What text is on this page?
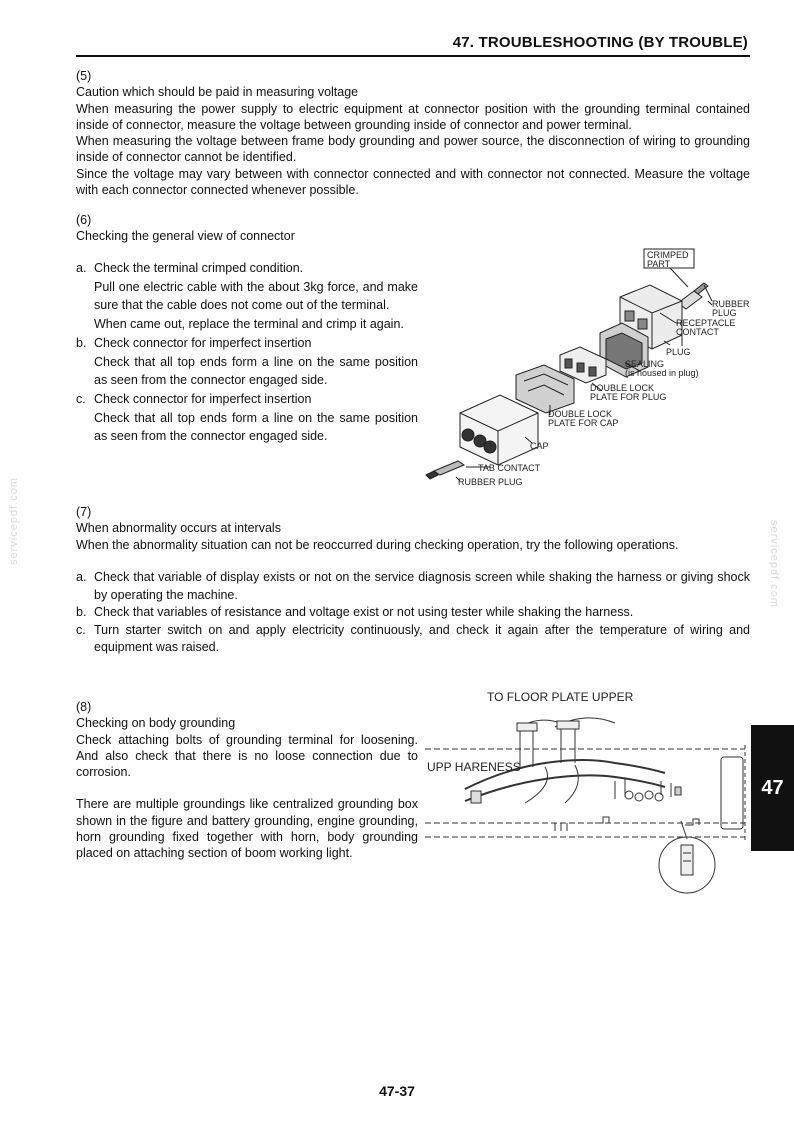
47. TROUBLESHOOTING (BY TROUBLE)
(5)
Caution which should be paid in measuring voltage

When measuring the power supply to electric equipment at connector position with the grounding terminal contained inside of connector, measure the voltage between grounding inside of connector and power terminal.

When measuring the voltage between frame body grounding and power source, the disconnection of wiring to grounding inside of connector cannot be identified.

Since the voltage may vary between with connector connected and with connector not connected. Measure the voltage with each connector connected whenever possible.

(6)
Checking the general view of connector
a. Check the terminal crimped condition.
Pull one electric cable with the about 3kg force, and make sure that the cable does not come out of the terminal.
When came out, replace the terminal and crimp it again.
b. Check connector for imperfect insertion
Check that all top ends form a line on the same position as seen from the connector engaged side.
c. Check connector for imperfect insertion
Check that all top ends form a line on the same position as seen from the connector engaged side.
CRIMPED
PART
RUBBER
PLUG
RECEPTACLE
CONTACT
PLUG
SEALING
(is housed in plug)
DOUBLE LOCK
PLATE FOR PLUG
DOUBLE LOCK
PLATE FOR CAP
CAP
TAB CONTACT
RUBBER PLUG
(7)
When abnormality occurs at intervals

When the abnormality situation can not be reoccurred during checking operation, try the following operations.

a. Check that variable of display exists or not on the service diagnosis screen while shaking the harness or giving shock by operating the machine.
b. Check that variables of resistance and voltage exist or not using tester while shaking the harness.
c. Turn starter switch on and apply electricity continuously, and check it again after the temperature of wiring and equipment was raised.
(8)
Checking on body grounding

Check attaching bolts of grounding terminal for loosening. And also check that there is no loose connection due to corrosion.

There are multiple groundings like centralized grounding box shown in the figure and battery grounding, engine grounding, horn grounding fixed together with horn, body grounding placed on attaching section of boom working light.

TO FLOOR PLATE UPPER
UPP HARENESS
servicepdf.com	servicepdf.com
47
47-37
